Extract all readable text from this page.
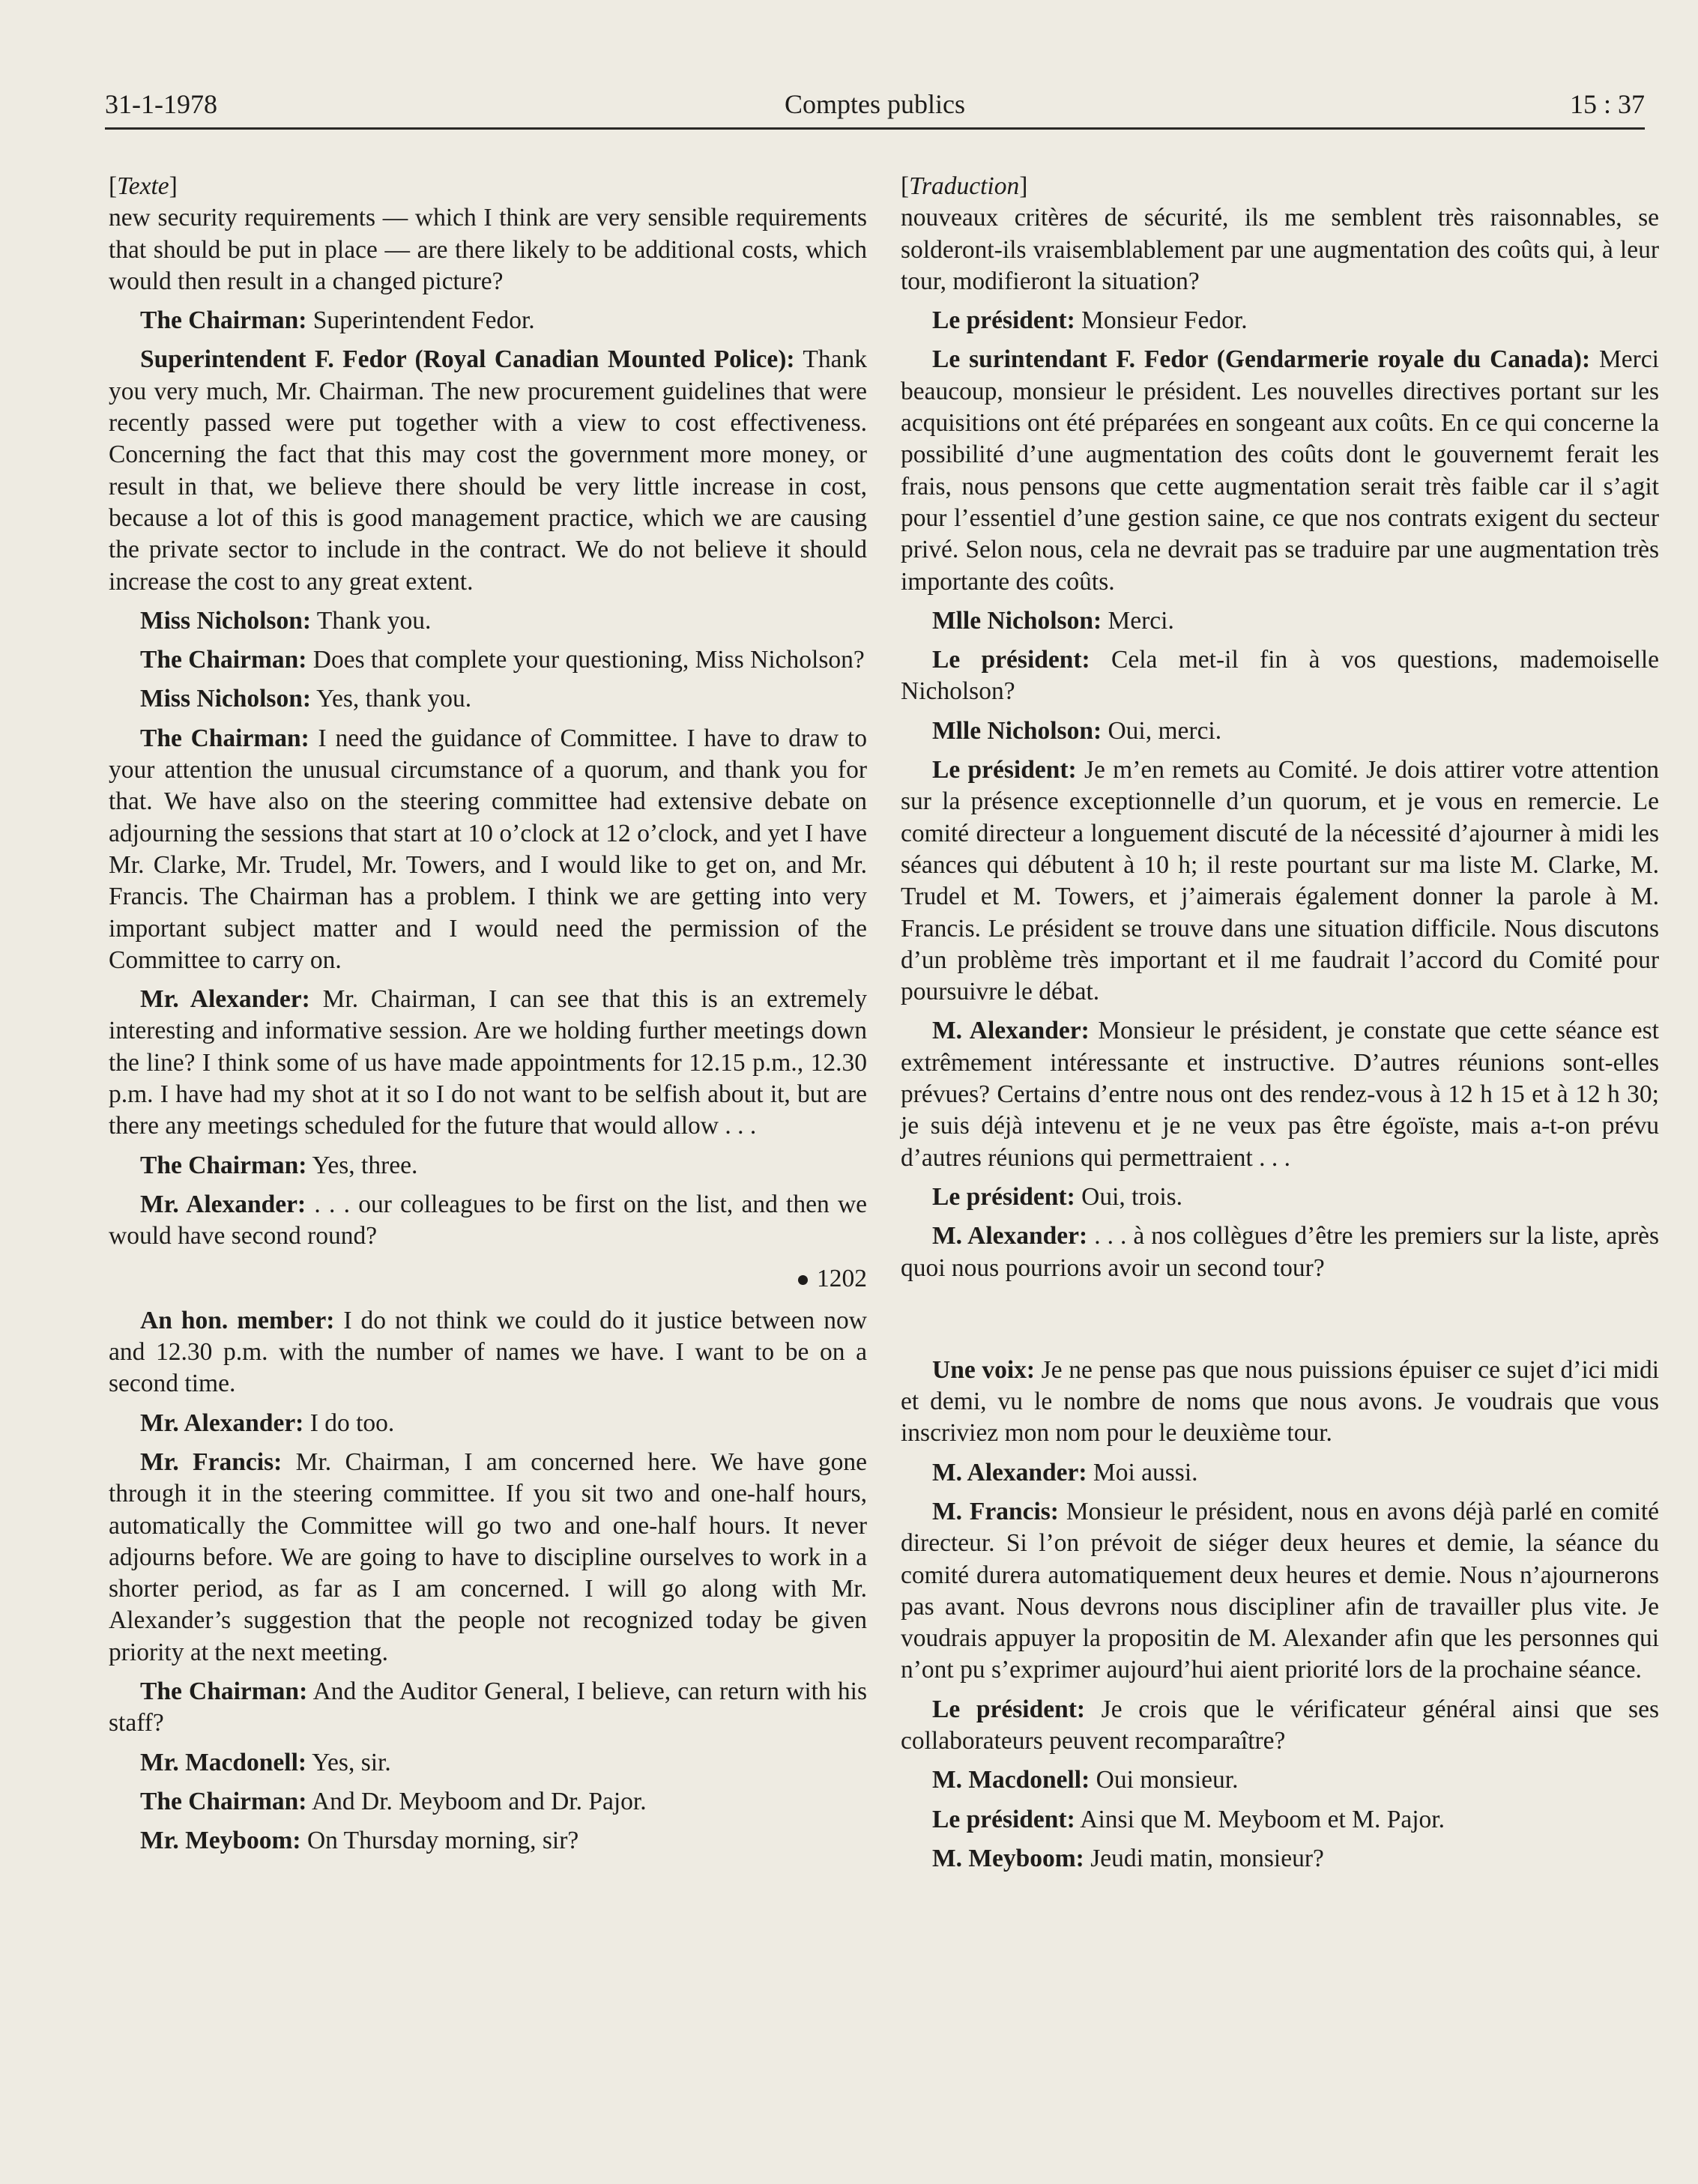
31-1-1978	Comptes publics	15 : 37
[Texte]

new security requirements — which I think are very sensible requirements that should be put in place — are there likely to be additional costs, which would then result in a changed picture?

The Chairman: Superintendent Fedor.

Superintendent F. Fedor (Royal Canadian Mounted Police): Thank you very much, Mr. Chairman. The new procurement guidelines that were recently passed were put together with a view to cost effectiveness. Concerning the fact that this may cost the government more money, or result in that, we believe there should be very little increase in cost, because a lot of this is good management practice, which we are causing the private sector to include in the contract. We do not believe it should increase the cost to any great extent.

Miss Nicholson: Thank you.

The Chairman: Does that complete your questioning, Miss Nicholson?

Miss Nicholson: Yes, thank you.

The Chairman: I need the guidance of Committee. I have to draw to your attention the unusual circumstance of a quorum, and thank you for that. We have also on the steering committee had extensive debate on adjourning the sessions that start at 10 o’clock at 12 o’clock, and yet I have Mr. Clarke, Mr. Trudel, Mr. Towers, and I would like to get on, and Mr. Francis. The Chairman has a problem. I think we are getting into very important subject matter and I would need the permission of the Committee to carry on.

Mr. Alexander: Mr. Chairman, I can see that this is an extremely interesting and informative session. Are we holding further meetings down the line? I think some of us have made appointments for 12.15 p.m., 12.30 p.m. I have had my shot at it so I do not want to be selfish about it, but are there any meetings scheduled for the future that would allow . . .

The Chairman: Yes, three.

Mr. Alexander: . . . our colleagues to be first on the list, and then we would have second round?

1202

An hon. member: I do not think we could do it justice between now and 12.30 p.m. with the number of names we have. I want to be on a second time.

Mr. Alexander: I do too.

Mr. Francis: Mr. Chairman, I am concerned here. We have gone through it in the steering committee. If you sit two and one-half hours, automatically the Committee will go two and one-half hours. It never adjourns before. We are going to have to discipline ourselves to work in a shorter period, as far as I am concerned. I will go along with Mr. Alexander’s suggestion that the people not recognized today be given priority at the next meeting.

The Chairman: And the Auditor General, I believe, can return with his staff?

Mr. Macdonell: Yes, sir.

The Chairman: And Dr. Meyboom and Dr. Pajor.

Mr. Meyboom: On Thursday morning, sir?

[Traduction]

nouveaux critères de sécurité, ils me semblent très raisonnables, se solderont-ils vraisemblablement par une augmentation des coûts qui, à leur tour, modifieront la situation?

Le président: Monsieur Fedor.

Le surintendant F. Fedor (Gendarmerie royale du Canada): Merci beaucoup, monsieur le président. Les nouvelles directives portant sur les acquisitions ont été préparées en songeant aux coûts. En ce qui concerne la possibilité d’une augmentation des coûts dont le gouvernemt ferait les frais, nous pensons que cette augmentation serait très faible car il s’agit pour l’essentiel d’une gestion saine, ce que nos contrats exigent du secteur privé. Selon nous, cela ne devrait pas se traduire par une augmentation très importante des coûts.

Mlle Nicholson: Merci.

Le président: Cela met-il fin à vos questions, mademoiselle Nicholson?

Mlle Nicholson: Oui, merci.

Le président: Je m’en remets au Comité. Je dois attirer votre attention sur la présence exceptionnelle d’un quorum, et je vous en remercie. Le comité directeur a longuement discuté de la nécessité d’ajourner à midi les séances qui débutent à 10 h; il reste pourtant sur ma liste M. Clarke, M. Trudel et M. Towers, et j’aimerais également donner la parole à M. Francis. Le président se trouve dans une situation difficile. Nous discutons d’un problème très important et il me faudrait l’accord du Comité pour poursuivre le débat.

M. Alexander: Monsieur le président, je constate que cette séance est extrêmement intéressante et instructive. D’autres réunions sont-elles prévues? Certains d’entre nous ont des rendez-vous à 12 h 15 et à 12 h 30; je suis déjà intevenu et je ne veux pas être égoïste, mais a-t-on prévu d’autres réunions qui permettraient . . .

Le président: Oui, trois.

M. Alexander: . . . à nos collègues d’être les premiers sur la liste, après quoi nous pourrions avoir un second tour?

Une voix: Je ne pense pas que nous puissions épuiser ce sujet d’ici midi et demi, vu le nombre de noms que nous avons. Je voudrais que vous inscriviez mon nom pour le deuxième tour.

M. Alexander: Moi aussi.

M. Francis: Monsieur le président, nous en avons déjà parlé en comité directeur. Si l’on prévoit de siéger deux heures et demie, la séance du comité durera automatiquement deux heures et demie. Nous n’ajournerons pas avant. Nous devrons nous discipliner afin de travailler plus vite. Je voudrais appuyer la propositin de M. Alexander afin que les personnes qui n’ont pu s’exprimer aujourd’hui aient priorité lors de la prochaine séance.

Le président: Je crois que le vérificateur général ainsi que ses collaborateurs peuvent recomparaître?

M. Macdonell: Oui monsieur.

Le président: Ainsi que M. Meyboom et M. Pajor.

M. Meyboom: Jeudi matin, monsieur?
